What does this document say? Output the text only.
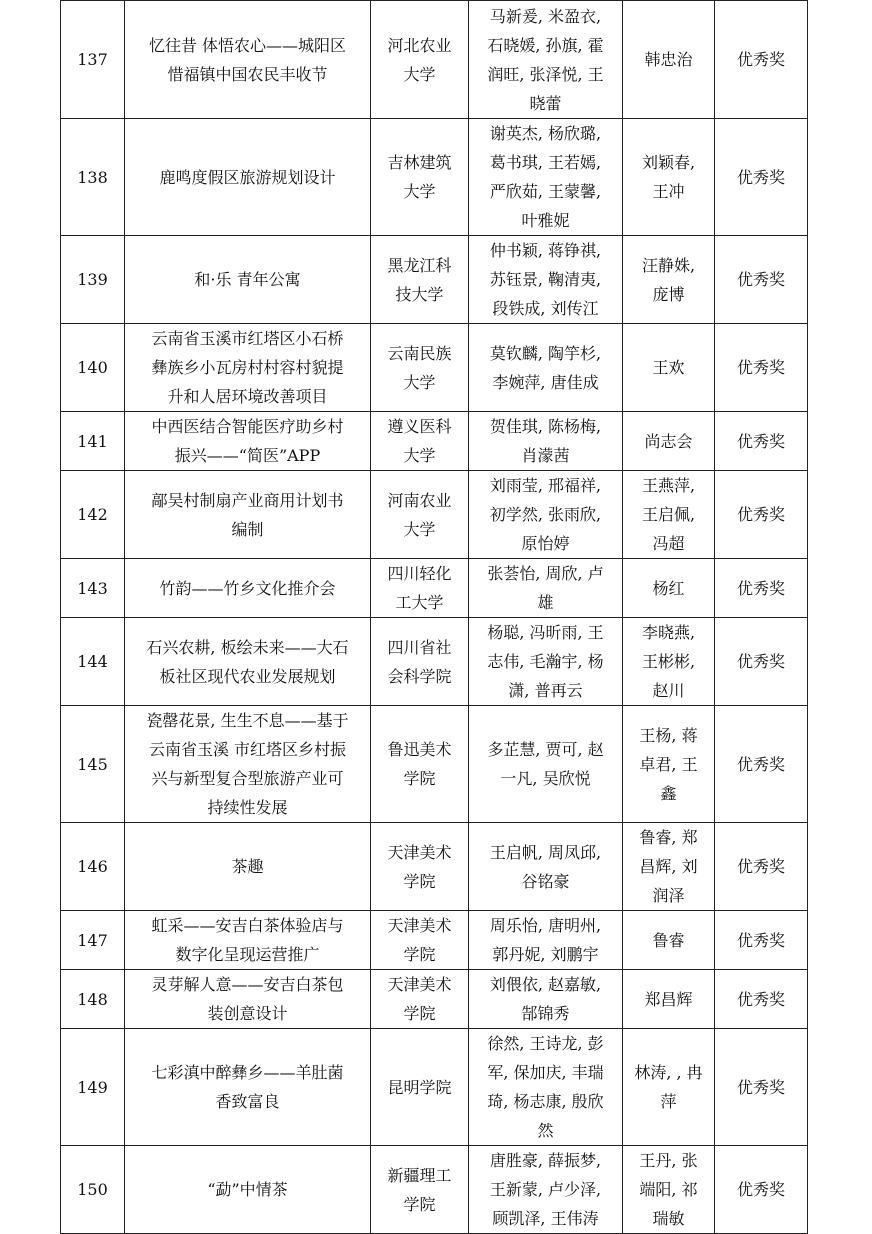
137	忆往昔 体悟农心——城阳区
惜福镇中国农民丰收节	河北农业
大学	马新爰, 米盈衣,
石晓媛, 孙旗, 霍
润旺, 张泽悦, 王
晓蕾	韩忠治	优秀奖
138	鹿鸣度假区旅游规划设计	吉林建筑
大学	谢英杰, 杨欣璐,
葛书琪, 王若嫣,
严欣茹, 王蒙馨,
叶雅妮	刘颖春,
王冲	优秀奖
139	和·乐 青年公寓	黑龙江科
技大学	仲书颖, 蒋铮祺,
苏钰景, 鞠清夷,
段铁成, 刘传江	汪静姝,
庞博	优秀奖
140	云南省玉溪市红塔区小石桥
彝族乡小瓦房村村容村貌提
升和人居环境改善项目	云南民族
大学	莫钦麟, 陶竽杉,
李婉萍, 唐佳成	王欢	优秀奖
141	中西医结合智能医疗助乡村
振兴——“简医”APP	遵义医科
大学	贺佳琪, 陈杨梅,
肖濛茜	尚志会	优秀奖
142	鄗吴村制扇产业商用计划书
编制	河南农业
大学	刘雨莹, 邢福祥,
初学然, 张雨欣,
原怡婷	王燕萍,
王启佩,
冯超	优秀奖
143	竹韵——竹乡文化推介会	四川轻化
工大学	张荟怡, 周欣, 卢
雄	杨红	优秀奖
144	石兴农耕, 板绘未来——大石
板社区现代农业发展规划	四川省社
会科学院	杨聪, 冯昕雨, 王
志伟, 毛瀚宇, 杨
潇, 普再云	李晓燕,
王彬彬,
赵川	优秀奖
145	瓷罄花景, 生生不息——基于
云南省玉溪 市红塔区乡村振
兴与新型复合型旅游产业可
持续性发展	鲁迅美术
学院	多芷慧, 贾可, 赵
一凡, 吴欣悦	王杨, 蒋
卓君, 王
鑫	优秀奖
146	茶趣	天津美术
学院	王启帆, 周凤邱,
谷铭豪	鲁睿, 郑
昌辉, 刘
润泽	优秀奖
147	虹采——安吉白茶体验店与
数字化呈现运营推广	天津美术
学院	周乐怡, 唐明州,
郭丹妮, 刘鹏宇	鲁睿	优秀奖
148	灵芽解人意——安吉白茶包
装创意设计	天津美术
学院	刘偎依, 赵嘉敏,
郜锦秀	郑昌辉	优秀奖
149	七彩滇中醉彝乡——羊肚菌
香致富良	昆明学院	徐然, 王诗龙, 彭
军, 保加庆, 丰瑞
琦, 杨志康, 殷欣
然	林涛, , 冉
萍	优秀奖
150	“勐”中情茶	新疆理工
学院	唐胜豪, 薛振梦,
王新蒙, 卢少泽,
顾凯泽, 王伟涛	王丹, 张
端阳, 祁
瑞敏	优秀奖
